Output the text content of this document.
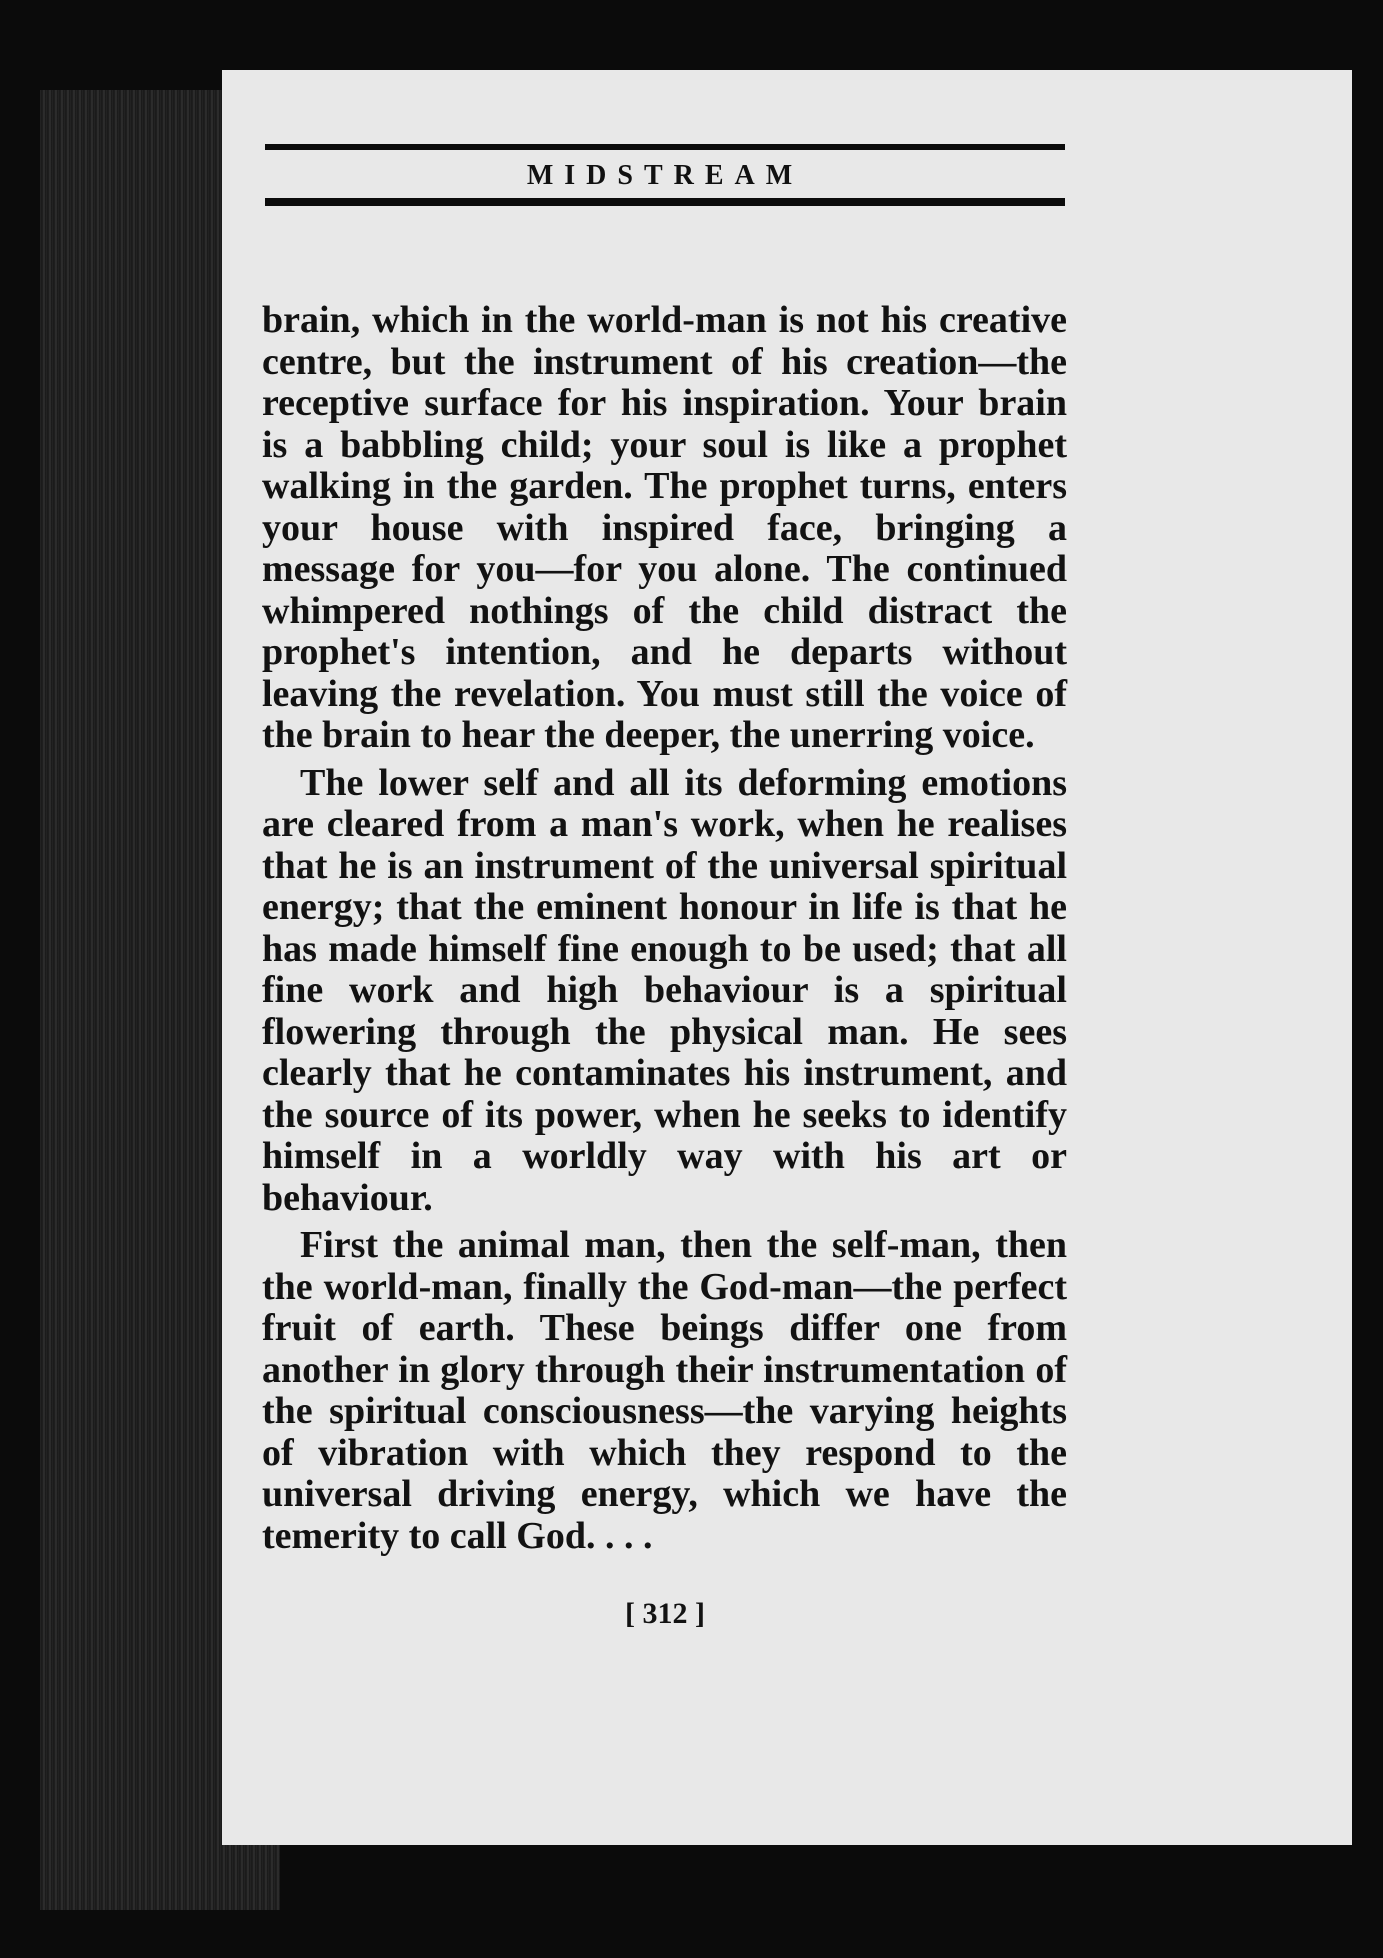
MIDSTREAM

brain, which in the world-man is not his creative centre, but the instrument of his creation—the receptive surface for his inspiration. Your brain is a babbling child; your soul is like a prophet walking in the garden. The prophet turns, enters your house with inspired face, bringing a message for you—for you alone. The continued whimpered nothings of the child distract the prophet's intention, and he departs without leaving the revelation. You must still the voice of the brain to hear the deeper, the unerring voice.

The lower self and all its deforming emotions are cleared from a man's work, when he realises that he is an instrument of the universal spiritual energy; that the eminent honour in life is that he has made himself fine enough to be used; that all fine work and high behaviour is a spiritual flowering through the physical man. He sees clearly that he contaminates his instrument, and the source of its power, when he seeks to identify himself in a worldly way with his art or behaviour.

First the animal man, then the self-man, then the world-man, finally the God-man—the perfect fruit of earth. These beings differ one from another in glory through their instrumentation of the spiritual consciousness—the varying heights of vibration with which they respond to the universal driving energy, which we have the temerity to call God. . . .

[ 312 ]
